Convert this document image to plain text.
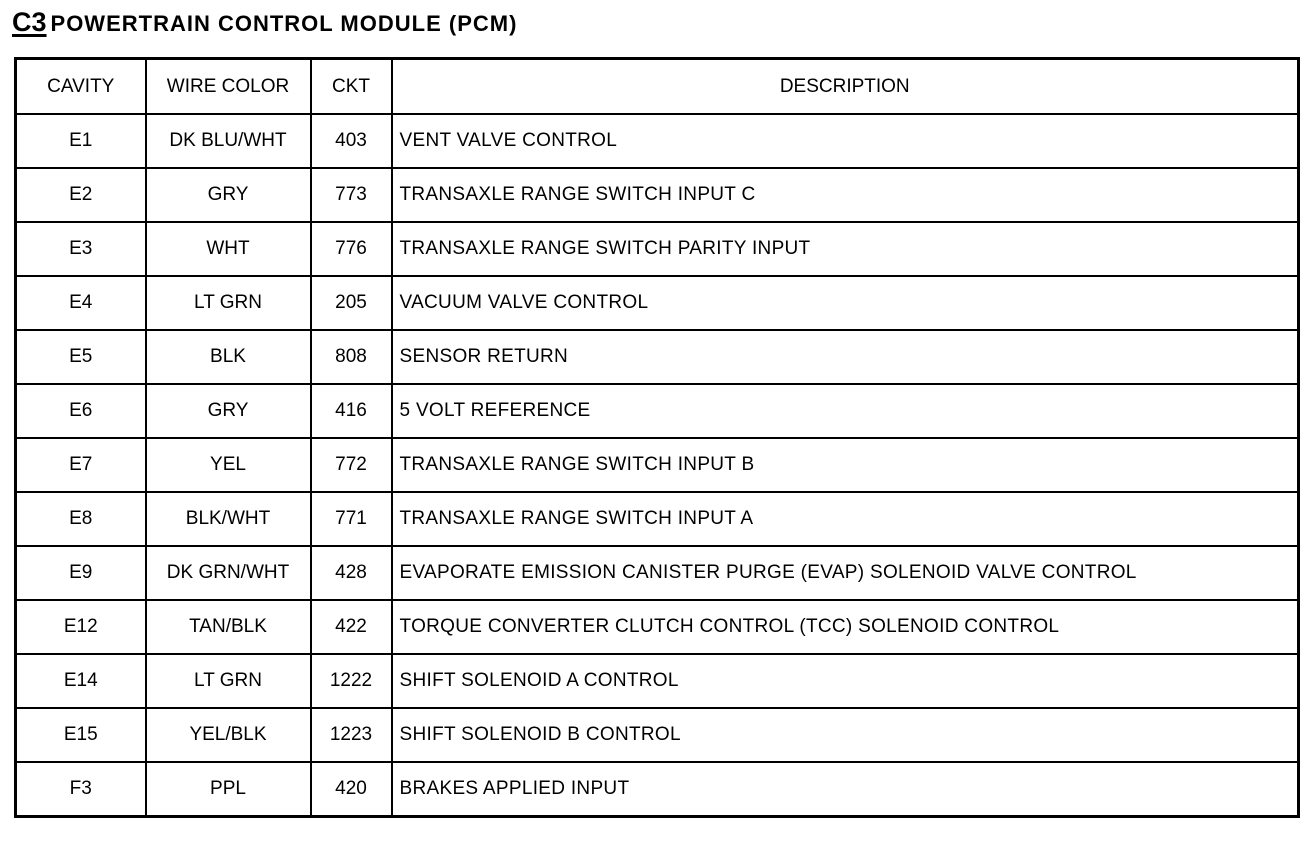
C3 POWERTRAIN CONTROL MODULE (PCM)
CAVITY	WIRE COLOR	CKT	DESCRIPTION
E1	DK BLU/WHT	403	VENT VALVE CONTROL
E2	GRY	773	TRANSAXLE RANGE SWITCH INPUT C
E3	WHT	776	TRANSAXLE RANGE SWITCH PARITY INPUT
E4	LT GRN	205	VACUUM VALVE CONTROL
E5	BLK	808	SENSOR RETURN
E6	GRY	416	5 VOLT REFERENCE
E7	YEL	772	TRANSAXLE RANGE SWITCH INPUT B
E8	BLK/WHT	771	TRANSAXLE RANGE SWITCH INPUT A
E9	DK GRN/WHT	428	EVAPORATE EMISSION CANISTER PURGE (EVAP) SOLENOID VALVE CONTROL
E12	TAN/BLK	422	TORQUE CONVERTER CLUTCH CONTROL (TCC) SOLENOID CONTROL
E14	LT GRN	1222	SHIFT SOLENOID A CONTROL
E15	YEL/BLK	1223	SHIFT SOLENOID B CONTROL
F3	PPL	420	BRAKES APPLIED INPUT
